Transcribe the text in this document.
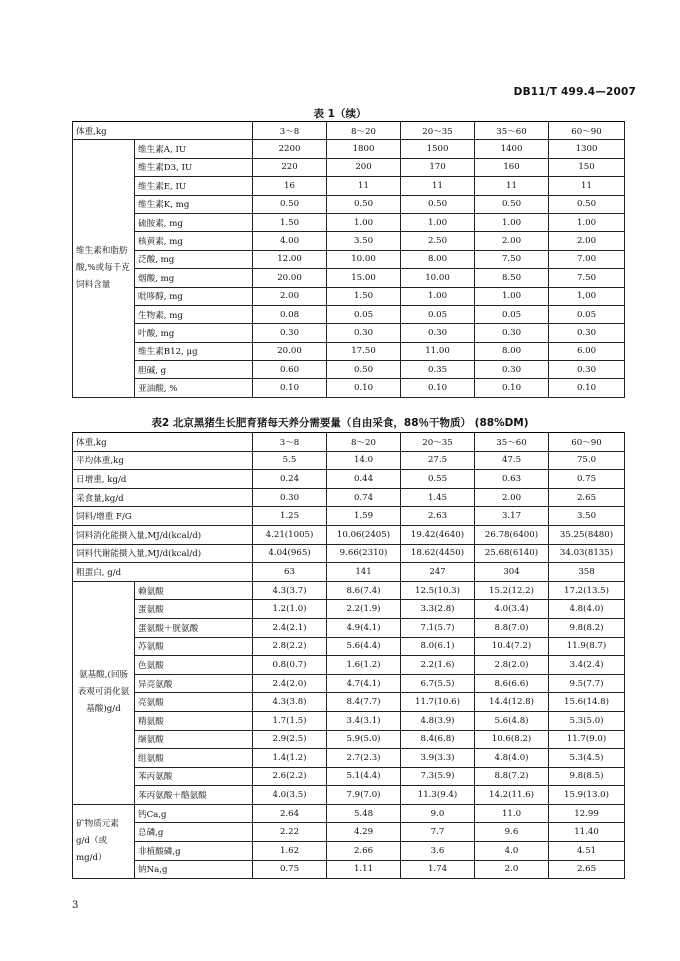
DB11/T 499.4—2007
表 1（续）
体重,kg		3～8	8～20	20～35	35～60	60～90
维生素和脂肪酸,%或每千克饲料含量	维生素A, IU	2200	1800	1500	1400	1300
	维生素D3, IU	220	200	170	160	150
	维生素E, IU	16	11	11	11	11
	维生素K, mg	0.50	0.50	0.50	0.50	0.50
	硫胺素, mg	1.50	1.00	1.00	1.00	1.00
	核黄素, mg	4.00	3.50	2.50	2.00	2.00
	泛酸, mg	12.00	10.00	8.00	7.50	7.00
	烟酸, mg	20.00	15.00	10.00	8.50	7.50
	吡哆醇, mg	2.00	1.50	1.00	1.00	1,00
	生物素, mg	0.08	0.05	0.05	0.05	0.05
	叶酸, mg	0.30	0.30	0.30	0.30	0.30
	维生素B12, μg	20.00	17.50	11.00	8.00	6.00
	胆碱, g	0.60	0.50	0.35	0.30	0.30
	亚油酸, %	0.10	0.10	0.10	0.10	0.10
表2 北京黑猪生长肥育猪每天养分需要量（自由采食，88％干物质） (88%DM)
体重,kg		3～8	8～20	20～35	35～60	60～90
平均体重,kg		5.5	14.0	27.5	47.5	75.0
日增重, kg/d		0.24	0.44	0.55	0.63	0.75
采食量,kg/d		0.30	0.74	1.45	2.00	2.65
饲料/增重 F/G		1.25	1.59	2.63	3.17	3.50
饲料消化能摄入量,MJ/d(kcal/d)		4.21(1005)	10.06(2405)	19.42(4640)	26.78(6400)	35.25(8480)
饲料代谢能摄入量,MJ/d(kcal/d)		4.04(965)	9.66(2310)	18.62(4450)	25.68(6140)	34.03(8135)
粗蛋白, g/d		63	141	247	304	358
氨基酸,(回肠表观可消化氨基酸)g/d	赖氨酸	4.3(3.7)	8.6(7.4)	12.5(10.3)	15.2(12.2)	17.2(13.5)
	蛋氨酸	1.2(1.0)	2.2(1.9)	3.3(2.8)	4.0(3.4)	4.8(4.0)
	蛋氨酸＋胱氨酸	2.4(2.1)	4.9(4.1)	7.1(5.7)	8.8(7.0)	9.8(8.2)
	苏氨酸	2.8(2.2)	5.6(4.4)	8.0(6.1)	10.4(7.2)	11.9(8.7)
	色氨酸	0.8(0.7)	1.6(1.2)	2.2(1.6)	2.8(2.0)	3.4(2.4)
	异亮氨酸	2.4(2.0)	4.7(4.1)	6.7(5.5)	8.6(6.6)	9.5(7.7)
	亮氨酸	4.3(3.8)	8.4(7.7)	11.7(10.6)	14.4(12.8)	15.6(14.8)
	精氨酸	1.7(1.5)	3.4(3.1)	4.8(3.9)	5.6(4.8)	5.3(5.0)
	缬氨酸	2.9(2.5)	5.9(5.0)	8.4(6.8)	10.6(8.2)	11.7(9.0)
	组氨酸	1.4(1.2)	2.7(2.3)	3.9(3.3)	4.8(4.0)	5.3(4.5)
	苯丙氨酸	2.6(2.2)	5.1(4.4)	7.3(5.9)	8.8(7.2)	9.8(8.5)
	苯丙氨酸＋酪氨酸	4.0(3.5)	7.9(7.0)	11.3(9.4)	14.2(11.6)	15.9(13.0)
矿物质元素g/d（或mg/d）	钙Ca,g	2.64	5.48	9.0	11.0	12.99
	总磷,g	2.22	4.29	7.7	9.6	11.40
	非植酸磷,g	1.62	2.66	3.6	4.0	4.51
	钠Na,g	0.75	1.11	1.74	2.0	2.65
3
